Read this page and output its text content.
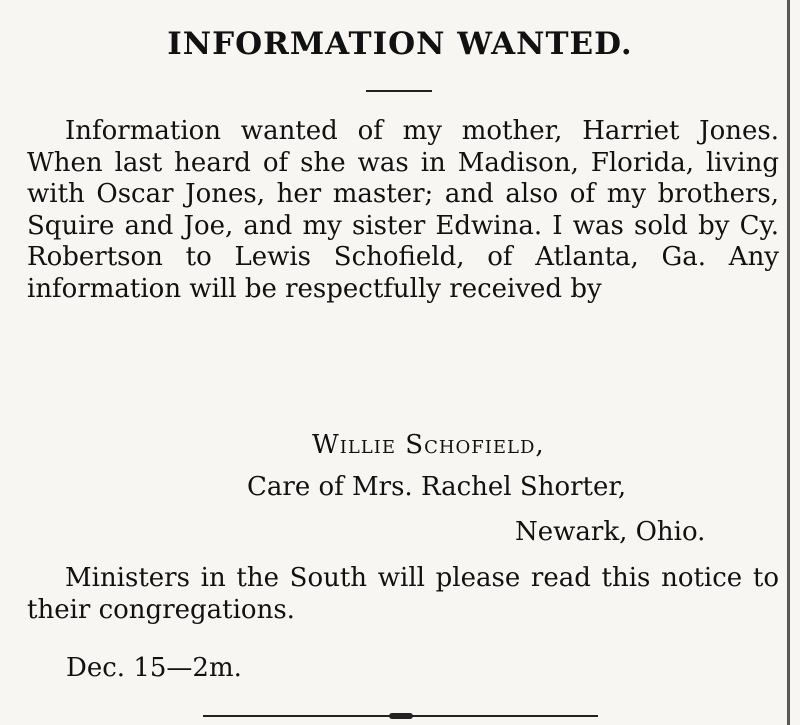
INFORMATION WANTED.

Information wanted of my mother, Harriet Jones. When last heard of she was in Madison, Florida, living with Oscar Jones, her master; and also of my brothers, Squire and Joe, and my sister Edwina. I was sold by Cy. Robertson to Lewis Schofield, of Atlanta, Ga. Any information will be respectfully received by

Willie Schofield,

Care of Mrs. Rachel Shorter,

Newark, Ohio.

Ministers in the South will please read this notice to their congregations.

Dec. 15—2m.
